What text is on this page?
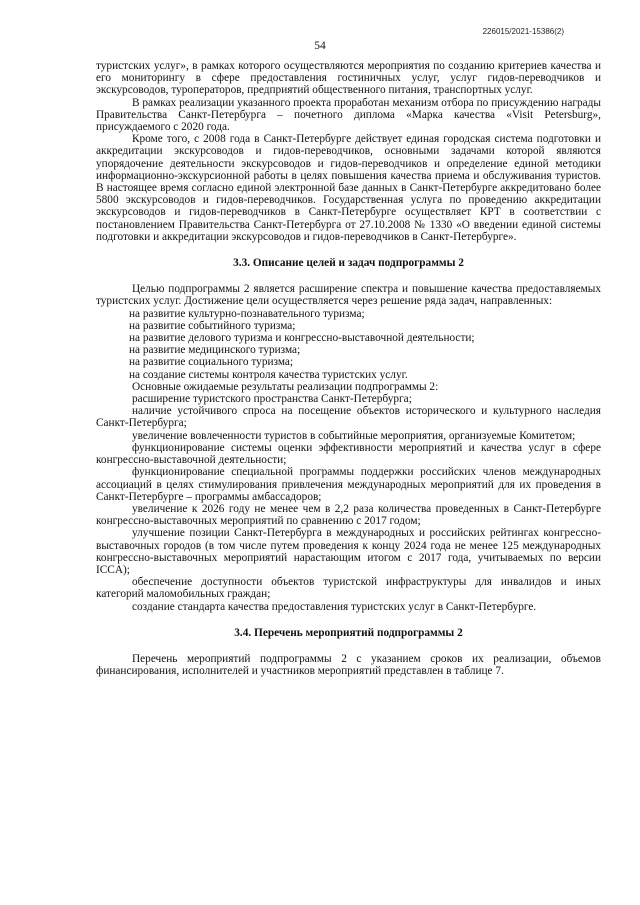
226015/2021-15386(2)
54

туристских услуг», в рамках которого осуществляются мероприятия по созданию критериев качества и его мониторингу в сфере предоставления гостиничных услуг, услуг гидов-переводчиков и экскурсоводов, туроператоров, предприятий общественного питания, транспортных услуг.

В рамках реализации указанного проекта проработан механизм отбора по присуждению награды Правительства Санкт-Петербурга – почетного диплома «Марка качества «Visit Petersburg», присуждаемого с 2020 года.

Кроме того, с 2008 года в Санкт-Петербурге действует единая городская система подготовки и аккредитации экскурсоводов и гидов-переводчиков, основными задачами которой являются упорядочение деятельности экскурсоводов и гидов-переводчиков и определение единой методики информационно-экскурсионной работы в целях повышения качества приема и обслуживания туристов. В настоящее время согласно единой электронной базе данных в Санкт-Петербурге аккредитовано более 5800 экскурсоводов и гидов-переводчиков. Государственная услуга по проведению аккредитации экскурсоводов и гидов-переводчиков в Санкт-Петербурге осуществляет КРТ в соответствии с постановлением Правительства Санкт-Петербурга от 27.10.2008 № 1330 «О введении единой системы подготовки и аккредитации экскурсоводов и гидов-переводчиков в Санкт-Петербурге».

3.3. Описание целей и задач подпрограммы 2

Целью подпрограммы 2 является расширение спектра и повышение качества предоставляемых туристских услуг. Достижение цели осуществляется через решение ряда задач, направленных:

на развитие культурно-познавательного туризма;

на развитие событийного туризма;

на развитие делового туризма и конгрессно-выставочной деятельности;

на развитие медицинского туризма;

на развитие социального туризма;

на создание системы контроля качества туристских услуг.

Основные ожидаемые результаты реализации подпрограммы 2:

расширение туристского пространства Санкт-Петербурга;

наличие устойчивого спроса на посещение объектов исторического и культурного наследия Санкт-Петербурга;

увеличение вовлеченности туристов в событийные мероприятия, организуемые Комитетом;

функционирование системы оценки эффективности мероприятий и качества услуг в сфере конгрессно-выставочной деятельности;

функционирование специальной программы поддержки российских членов международных ассоциаций в целях стимулирования привлечения международных мероприятий для их проведения в Санкт-Петербурге – программы амбассадоров;

увеличение к 2026 году не менее чем в 2,2 раза количества проведенных в Санкт-Петербурге конгрессно-выставочных мероприятий по сравнению с 2017 годом;

улучшение позиции Санкт-Петербурга в международных и российских рейтингах конгрессно-выставочных городов (в том числе путем проведения к концу 2024 года не менее 125 международных конгрессно-выставочных мероприятий нарастающим итогом с 2017 года, учитываемых по версии ICCA);

обеспечение доступности объектов туристской инфраструктуры для инвалидов и иных категорий маломобильных граждан;

создание стандарта качества предоставления туристских услуг в Санкт-Петербурге.

3.4. Перечень мероприятий подпрограммы 2

Перечень мероприятий подпрограммы 2 с указанием сроков их реализации, объемов финансирования, исполнителей и участников мероприятий представлен в таблице 7.
